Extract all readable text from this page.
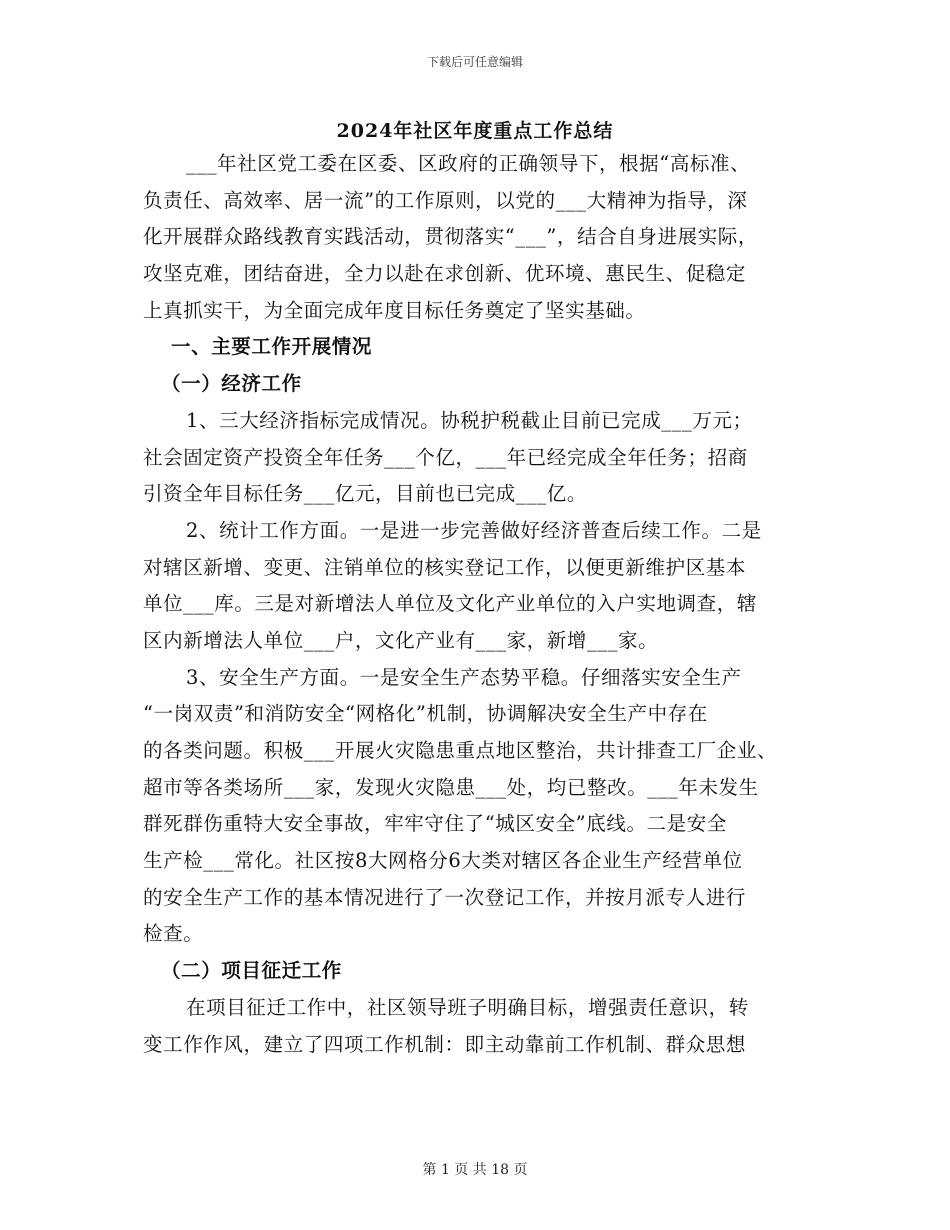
下载后可任意编辑
2024年社区年度重点工作总结
___年社区党工委在区委、区政府的正确领导下，根据“高标准、
负责任、高效率、居一流”的工作原则，以党的___大精神为指导，深
化开展群众路线教育实践活动，贯彻落实“___”，结合自身进展实际，
攻坚克难，团结奋进，全力以赴在求创新、优环境、惠民生、促稳定
上真抓实干，为全面完成年度目标任务奠定了坚实基础。
一、主要工作开展情况
（一）经济工作
1、三大经济指标完成情况。协税护税截止目前已完成___万元；
社会固定资产投资全年任务___个亿，___年已经完成全年任务；招商
引资全年目标任务___亿元，目前也已完成___亿。
2、统计工作方面。一是进一步完善做好经济普查后续工作。二是
对辖区新增、变更、注销单位的核实登记工作，以便更新维护区基本
单位___库。三是对新增法人单位及文化产业单位的入户实地调查，辖
区内新增法人单位___户，文化产业有___家，新增___家。
3、安全生产方面。一是安全生产态势平稳。仔细落实安全生产
“一岗双责”和消防安全“网格化”机制，协调解决安全生产中存在
的各类问题。积极___开展火灾隐患重点地区整治，共计排查工厂企业、
超市等各类场所___家，发现火灾隐患___处，均已整改。___年未发生
群死群伤重特大安全事故，牢牢守住了“城区安全”底线。二是安全
生产检___常化。社区按8大网格分6大类对辖区各企业生产经营单位
的安全生产工作的基本情况进行了一次登记工作，并按月派专人进行
检查。
（二）项目征迁工作
在项目征迁工作中，社区领导班子明确目标，增强责任意识，转
变工作作风，建立了四项工作机制：即主动靠前工作机制、群众思想
第 1 页 共 18 页
